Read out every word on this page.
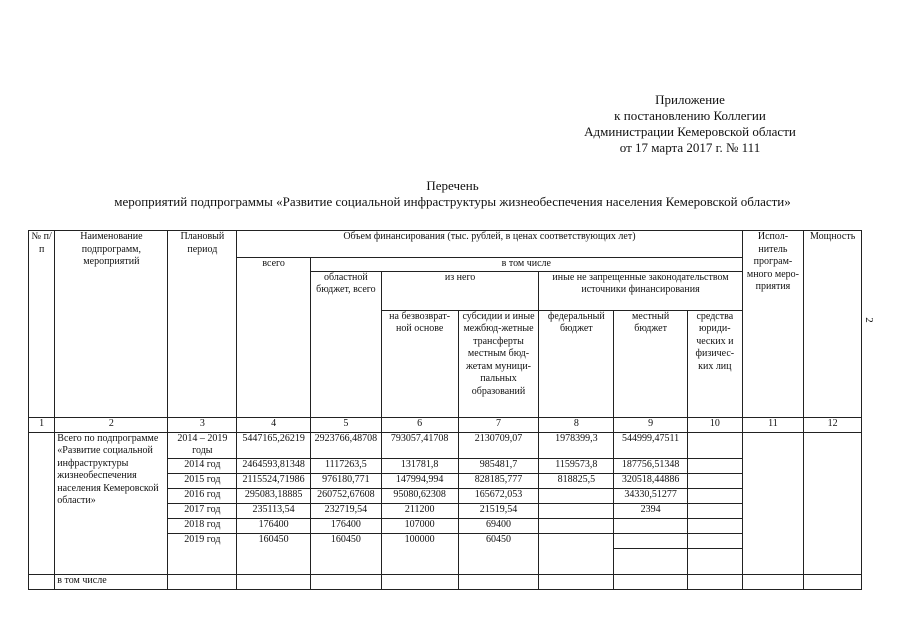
Приложение
к постановлению Коллегии
Администрации Кемеровской области
от 17 марта 2017 г. № 111
Перечень
мероприятий подпрограммы «Развитие социальной инфраструктуры жизнеобеспечения населения Кемеровской области»
2
№ п/п	Наименование подпрограмм, мероприятий	Плановый период	Объем финансирования (тыс. рублей, в ценах соответствующих лет)							Испол-нитель програм-много меро-приятия	Мощность
			всего	в том числе							
				областной бюджет, всего	из него		иные не запрещенные законодательством источники финансирования				
					на безвозврат-ной основе	субсидии и иные межбюд-жетные трансферты местным бюд-жетам муници-пальных образований	федеральный бюджет	местный бюджет	средства юриди-ческих и физичес-ких лиц		
1	2	3	4	5	6	7	8	9	10	11	12
	Всего по подпрограмме «Развитие социальной инфраструктуры жизнеобеспечения населения Кемеровской области»	2014 – 2019 годы	5447165,26219	2923766,48708	793057,41708	2130709,07	1978399,3	544999,47511			
		2014 год	2464593,81348	1117263,5	131781,8	985481,7	1159573,8	187756,51348			
		2015 год	2115524,71986	976180,771	147994,994	828185,777	818825,5	320518,44886			
		2016 год	295083,18885	260752,67608	95080,62308	165672,053		34330,51277			
		2017 год	235113,54	232719,54	211200	21519,54		2394			
		2018 год	176400	176400	107000	69400					
		2019 год	160450	160450	100000	60450					

	в том числе										
